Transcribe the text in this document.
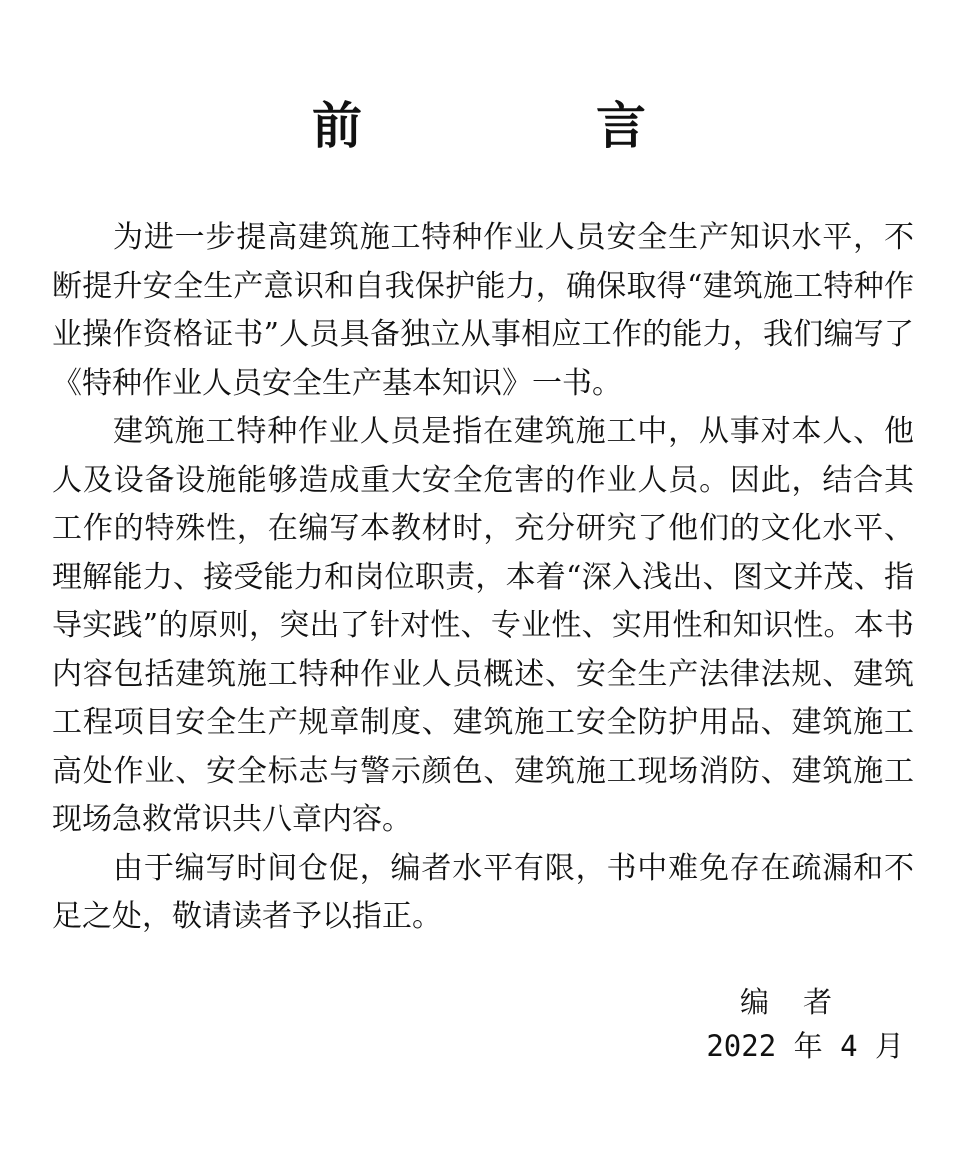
前　言

为进一步提高建筑施工特种作业人员安全生产知识水平，不断提升安全生产意识和自我保护能力，确保取得“建筑施工特种作业操作资格证书”人员具备独立从事相应工作的能力，我们编写了《特种作业人员安全生产基本知识》一书。

建筑施工特种作业人员是指在建筑施工中，从事对本人、他人及设备设施能够造成重大安全危害的作业人员。因此，结合其工作的特殊性，在编写本教材时，充分研究了他们的文化水平、理解能力、接受能力和岗位职责，本着“深入浅出、图文并茂、指导实践”的原则，突出了针对性、专业性、实用性和知识性。本书内容包括建筑施工特种作业人员概述、安全生产法律法规、建筑工程项目安全生产规章制度、建筑施工安全防护用品、建筑施工高处作业、安全标志与警示颜色、建筑施工现场消防、建筑施工现场急救常识共八章内容。

由于编写时间仓促，编者水平有限，书中难免存在疏漏和不足之处，敬请读者予以指正。

编者
2022 年 4 月
